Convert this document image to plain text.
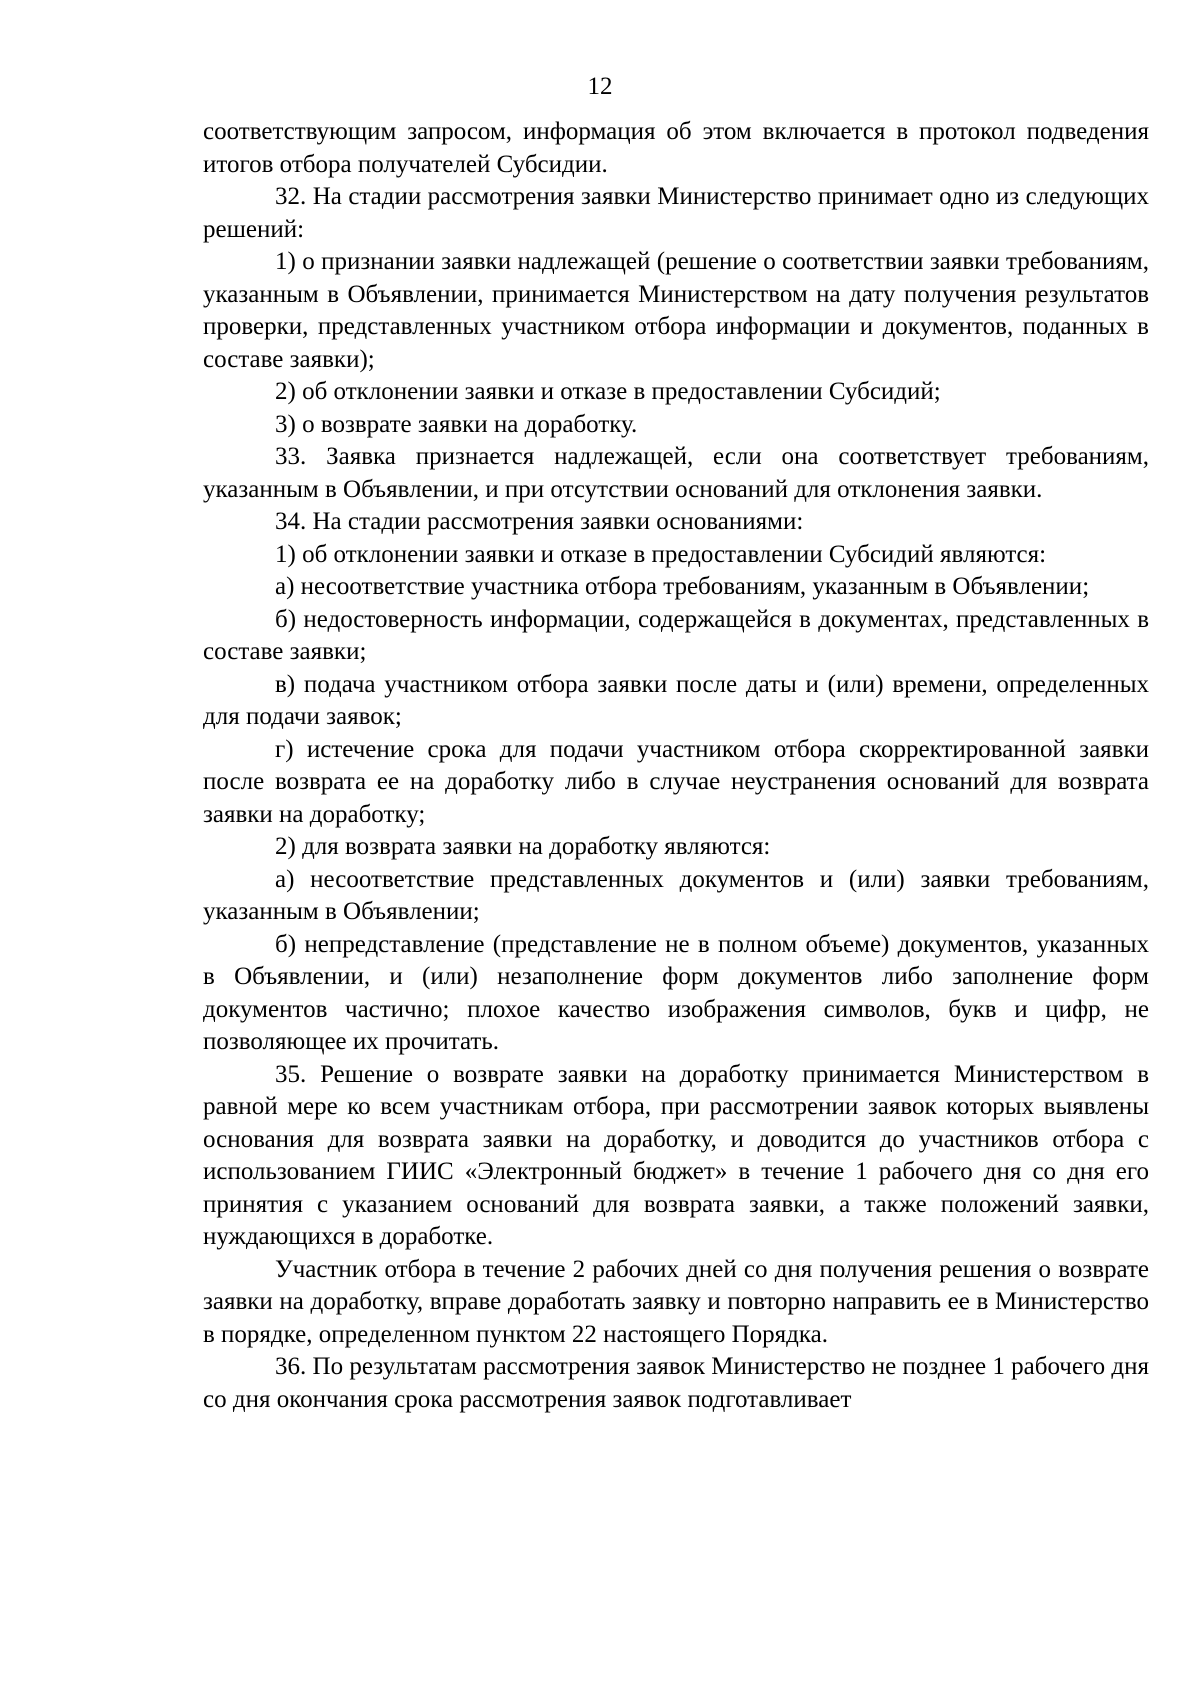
12

соответствующим запросом, информация об этом включается в протокол подведения итогов отбора получателей Субсидии.

32. На стадии рассмотрения заявки Министерство принимает одно из следующих решений:

1) о признании заявки надлежащей (решение о соответствии заявки требованиям, указанным в Объявлении, принимается Министерством на дату получения результатов проверки, представленных участником отбора информации и документов, поданных в составе заявки);

2) об отклонении заявки и отказе в предоставлении Субсидий;

3) о возврате заявки на доработку.

33. Заявка признается надлежащей, если она соответствует требованиям, указанным в Объявлении, и при отсутствии оснований для отклонения заявки.

34. На стадии рассмотрения заявки основаниями:

1) об отклонении заявки и отказе в предоставлении Субсидий являются:

а) несоответствие участника отбора требованиям, указанным в Объявлении;

б) недостоверность информации, содержащейся в документах, представленных в составе заявки;

в) подача участником отбора заявки после даты и (или) времени, определенных для подачи заявок;

г) истечение срока для подачи участником отбора скорректированной заявки после возврата ее на доработку либо в случае неустранения оснований для возврата заявки на доработку;

2) для возврата заявки на доработку являются:

а) несоответствие представленных документов и (или) заявки требованиям, указанным в Объявлении;

б) непредставление (представление не в полном объеме) документов, указанных в Объявлении, и (или) незаполнение форм документов либо заполнение форм документов частично; плохое качество изображения символов, букв и цифр, не позволяющее их прочитать.

35. Решение о возврате заявки на доработку принимается Министерством в равной мере ко всем участникам отбора, при рассмотрении заявок которых выявлены основания для возврата заявки на доработку, и доводится до участников отбора с использованием ГИИС «Электронный бюджет» в течение 1 рабочего дня со дня его принятия с указанием оснований для возврата заявки, а также положений заявки, нуждающихся в доработке.

Участник отбора в течение 2 рабочих дней со дня получения решения о возврате заявки на доработку, вправе доработать заявку и повторно направить ее в Министерство в порядке, определенном пунктом 22 настоящего Порядка.

36. По результатам рассмотрения заявок Министерство не позднее 1 рабочего дня со дня окончания срока рассмотрения заявок подготавливает
